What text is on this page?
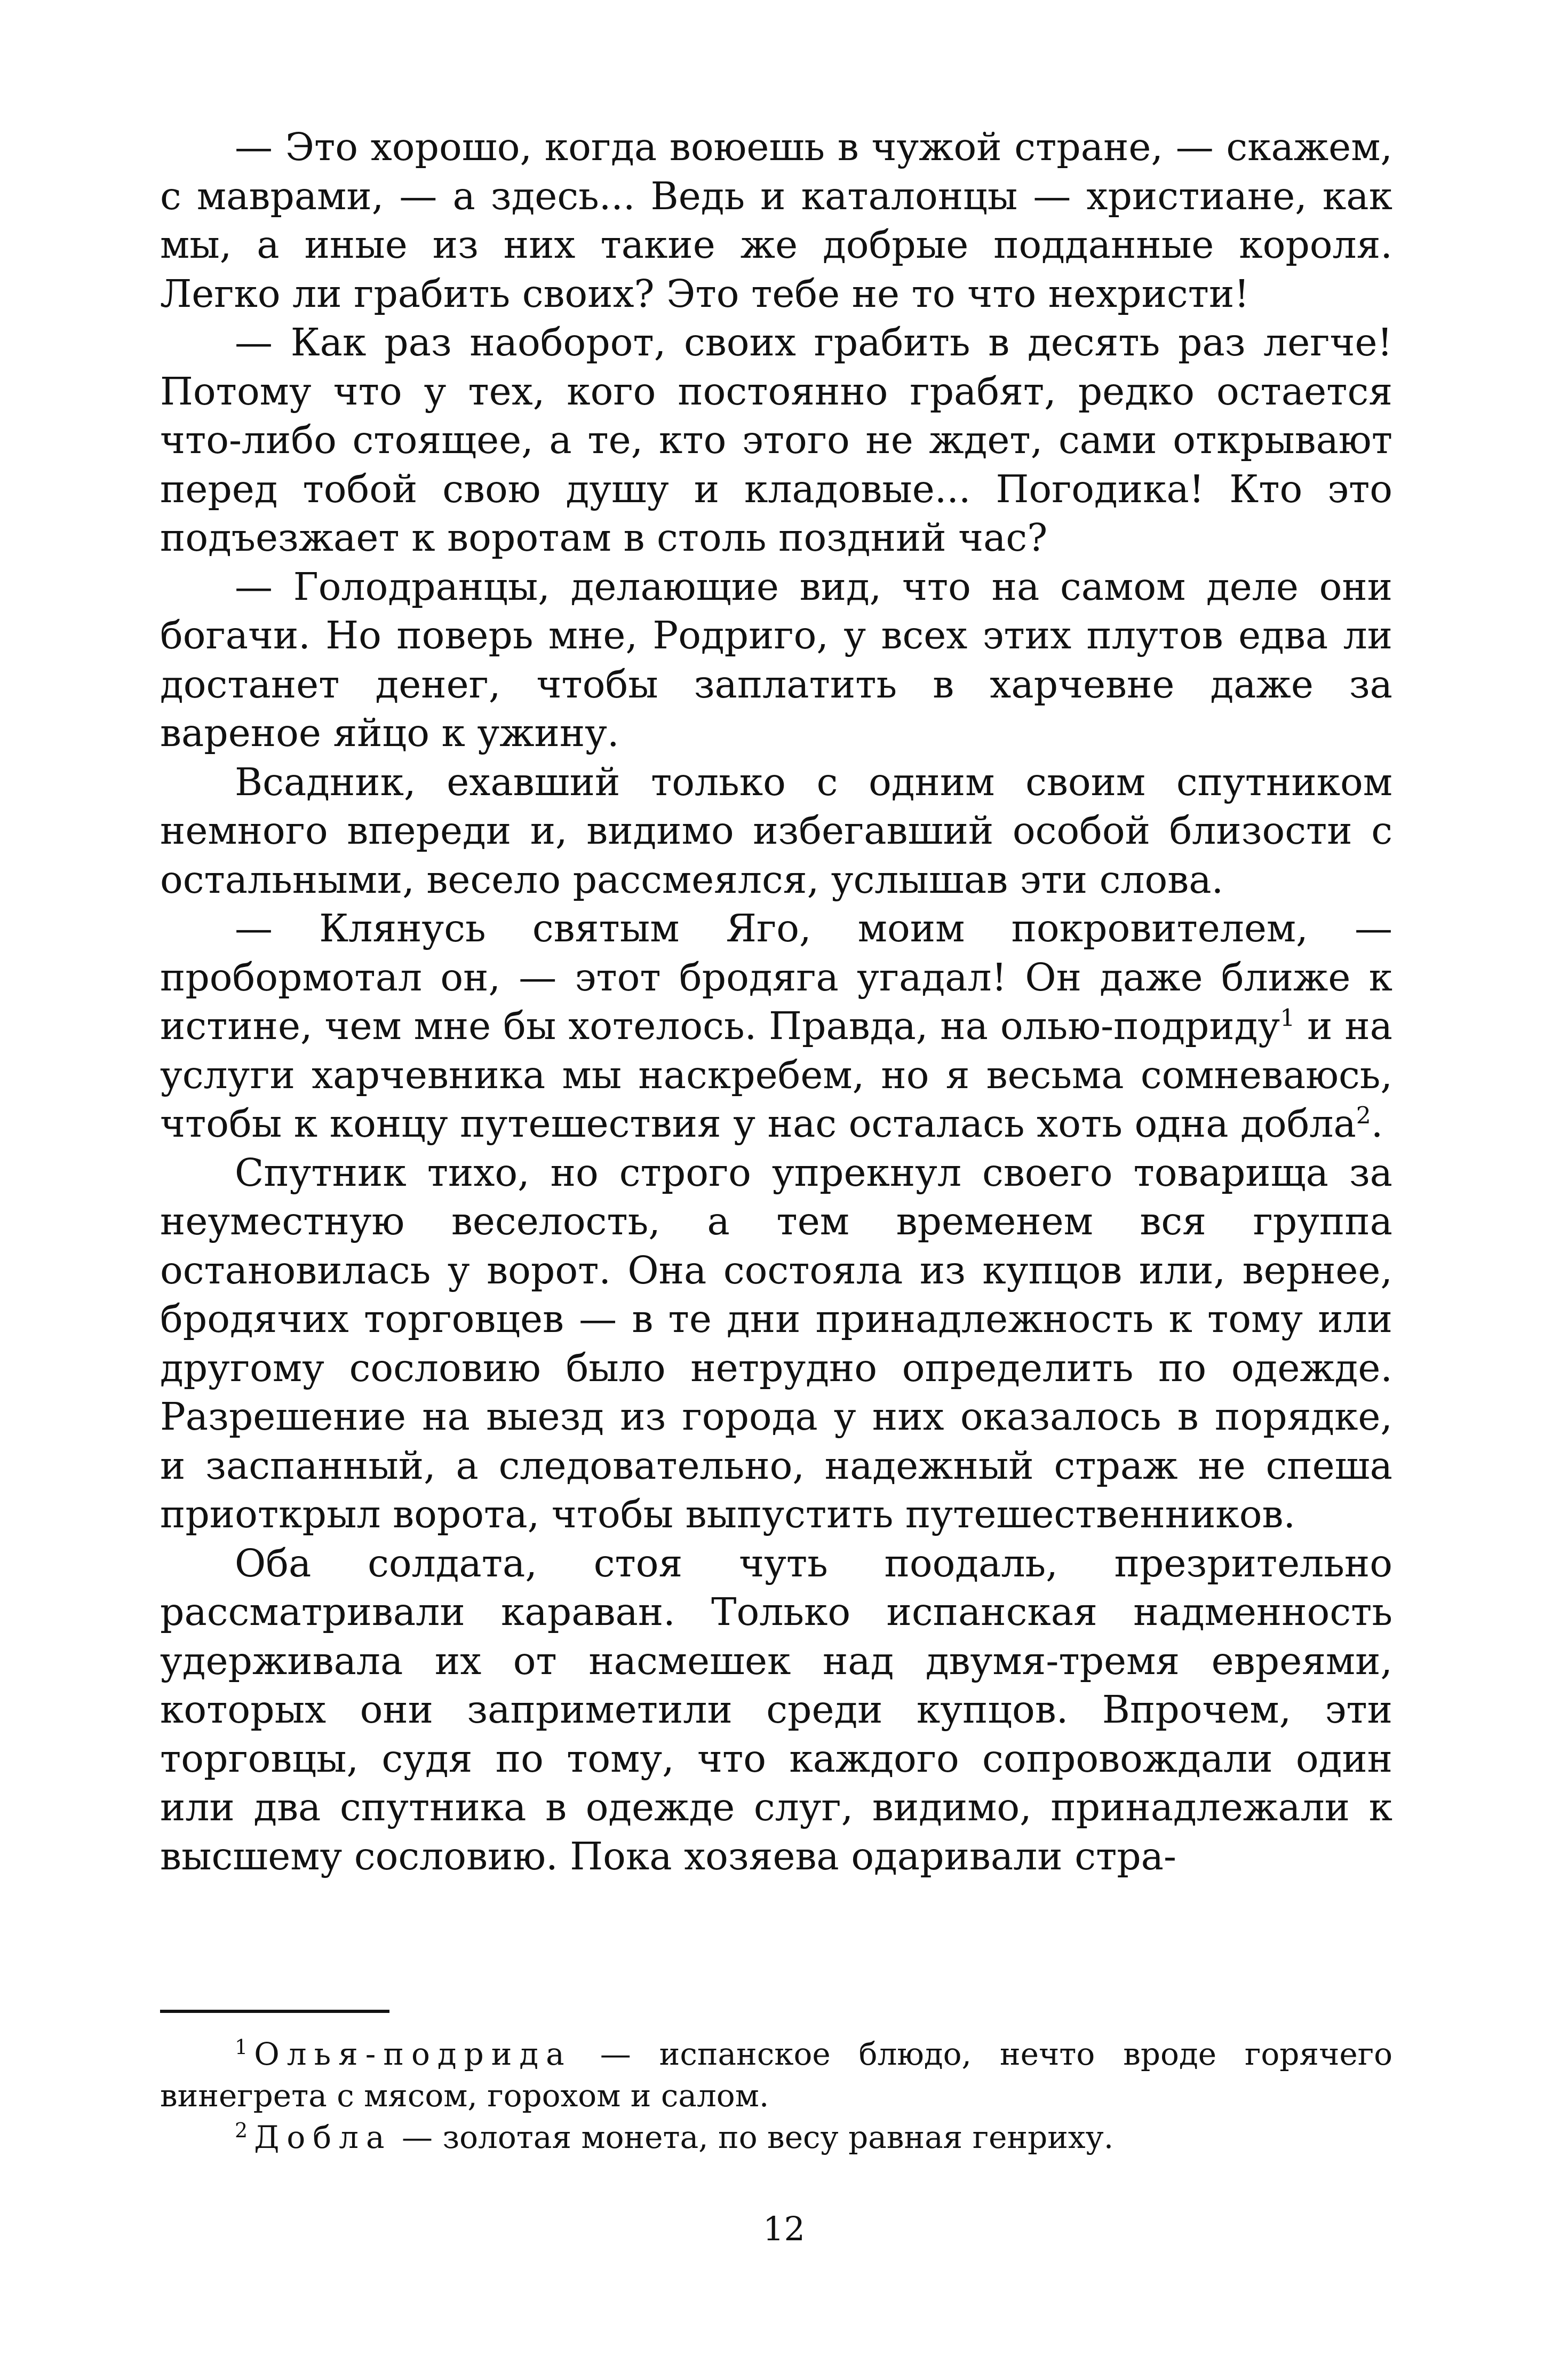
— Это хорошо, когда воюешь в чужой стране, — скажем, с маврами, — а здесь... Ведь и каталонцы — христиане, как мы, а иные из них такие же добрые подданные короля. Легко ли грабить своих? Это тебе не то что нехристи!

— Как раз наоборот, своих грабить в десять раз легче! Потому что у тех, кого постоянно грабят, редко остается что-либо стоящее, а те, кто этого не ждет, сами открывают перед тобой свою душу и кладовые... Погодика! Кто это подъезжает к воротам в столь поздний час?

— Голодранцы, делающие вид, что на самом деле они богачи. Но поверь мне, Родриго, у всех этих плутов едва ли достанет денег, чтобы заплатить в харчевне даже за вареное яйцо к ужину.

Всадник, ехавший только с одним своим спутником немного впереди и, видимо избегавший особой близости с остальными, весело рассмеялся, услышав эти слова.

— Клянусь святым Яго, моим покровителем, — пробормотал он, — этот бродяга угадал! Он даже ближе к истине, чем мне бы хотелось. Правда, на олью-подриду$^1$ и на услуги харчевника мы наскребем, но я весьма сомневаюсь, чтобы к концу путешествия у нас осталась хоть одна добла$^2$.

Спутник тихо, но строго упрекнул своего товарища за неуместную веселость, а тем временем вся группа остановилась у ворот. Она состояла из купцов или, вернее, бродячих торговцев — в те дни принадлежность к тому или другому сословию было нетрудно определить по одежде. Разрешение на выезд из города у них оказалось в порядке, и заспанный, а следовательно, надежный страж не спеша приоткрыл ворота, чтобы выпустить путешественников.

Оба солдата, стоя чуть поодаль, презрительно рассматривали караван. Только испанская надменность удерживала их от насмешек над двумя-тремя евреями, которых они заприметили среди купцов. Впрочем, эти торговцы, судя по тому, что каждого сопровождали один или два спутника в одежде слуг, видимо, принадлежали к высшему сословию. Пока хозяева одаривали стра-

$^1$ Олья-подрида — испанское блюдо, нечто вроде горячего винегрета с мясом, горохом и салом.

$^2$ Добла — золотая монета, по весу равная генриху.

12
